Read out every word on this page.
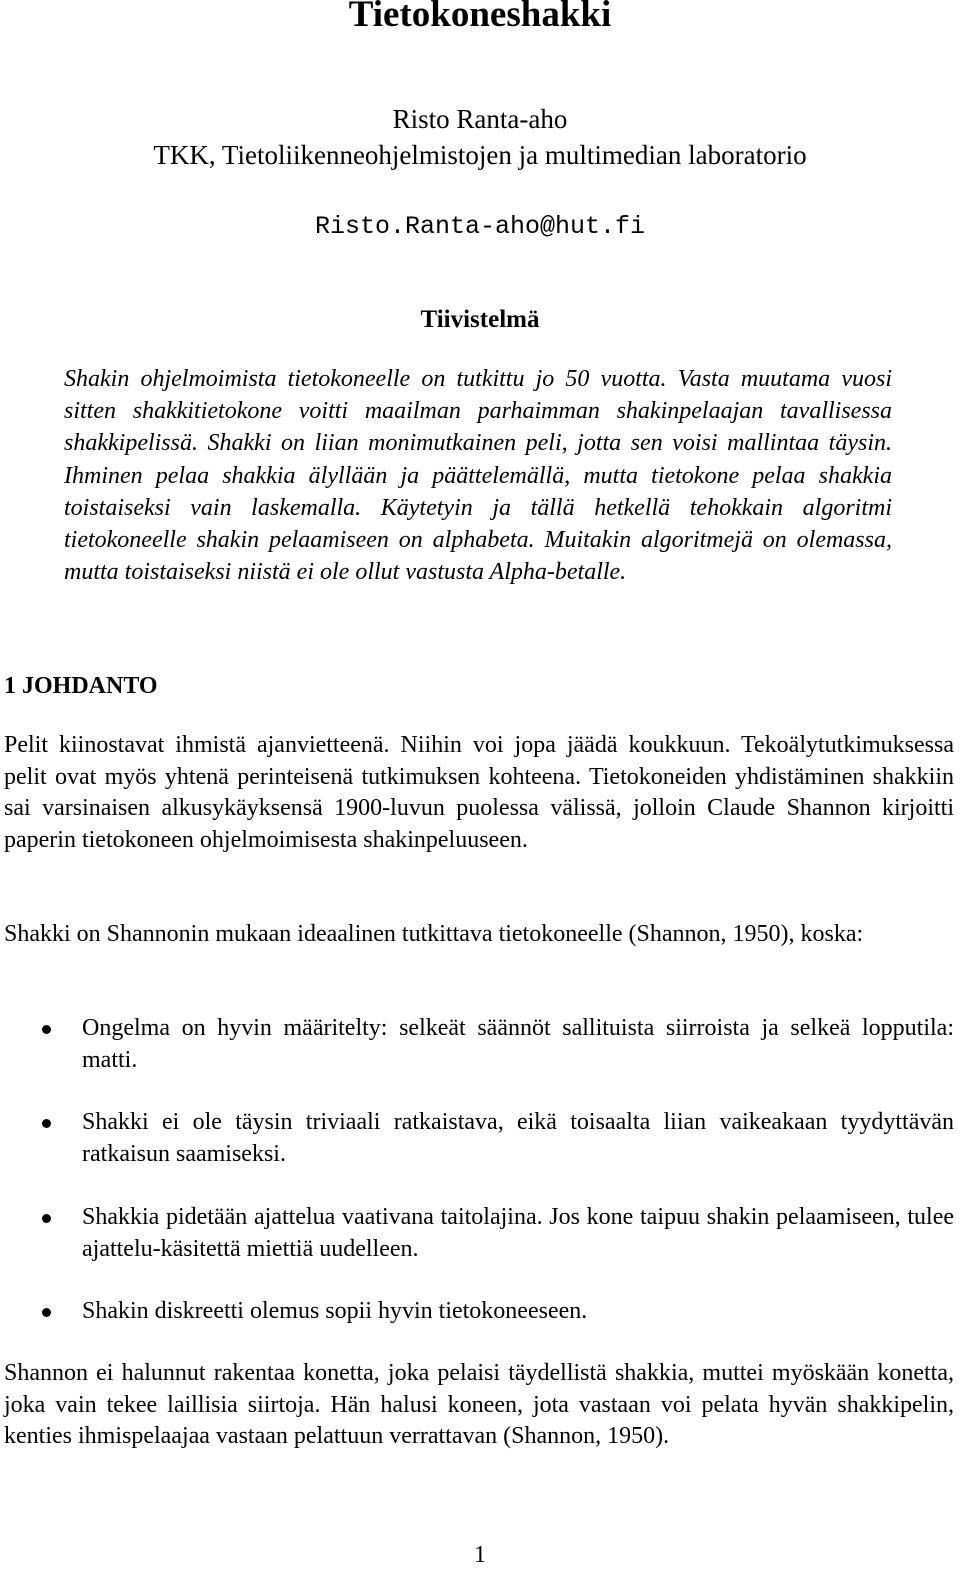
Tietokoneshakki
Risto Ranta-aho
TKK, Tietoliikenneohjelmistojen ja multimedian laboratorio
Risto.Ranta-aho@hut.fi
Tiivistelmä
Shakin ohjelmoimista tietokoneelle on tutkittu jo 50 vuotta. Vasta muutama vuosi sitten shakkitietokone voitti maailman parhaimman shakinpelaajan tavallisessa shakkipelissä. Shakki on liian monimutkainen peli, jotta sen voisi mallintaa täysin. Ihminen pelaa shakkia älyllään ja päättelemällä, mutta tietokone pelaa shakkia toistaiseksi vain laskemalla. Käytetyin ja tällä hetkellä tehokkain algoritmi tietokoneelle shakin pelaamiseen on alphabeta. Muitakin algoritmejä on olemassa, mutta toistaiseksi niistä ei ole ollut vastusta Alpha-betalle.
1 JOHDANTO
Pelit kiinostavat ihmistä ajanvietteenä. Niihin voi jopa jäädä koukkuun. Tekoälytutkimuksessa pelit ovat myös yhtenä perinteisenä tutkimuksen kohteena. Tietokoneiden yhdistäminen shakkiin sai varsinaisen alkusykäyksensä 1900-luvun puolessa välissä, jolloin Claude Shannon kirjoitti paperin tietokoneen ohjelmoimisesta shakinpeluuseen.
Shakki on Shannonin mukaan ideaalinen tutkittava tietokoneelle (Shannon, 1950), koska:
Ongelma on hyvin määritelty: selkeät säännöt sallituista siirroista ja selkeä lopputila: matti.
Shakki ei ole täysin triviaali ratkaistava, eikä toisaalta liian vaikeakaan tyydyttävän ratkaisun saamiseksi.
Shakkia pidetään ajattelua vaativana taitolajina. Jos kone taipuu shakin pelaamiseen, tulee ajattelu-käsitettä miettiä uudelleen.
Shakin diskreetti olemus sopii hyvin tietokoneeseen.
Shannon ei halunnut rakentaa konetta, joka pelaisi täydellistä shakkia, muttei myöskään konetta, joka vain tekee laillisia siirtoja. Hän halusi koneen, jota vastaan voi pelata hyvän shakkipelin, kenties ihmispelaajaa vastaan pelattuun verrattavan (Shannon, 1950).
1
